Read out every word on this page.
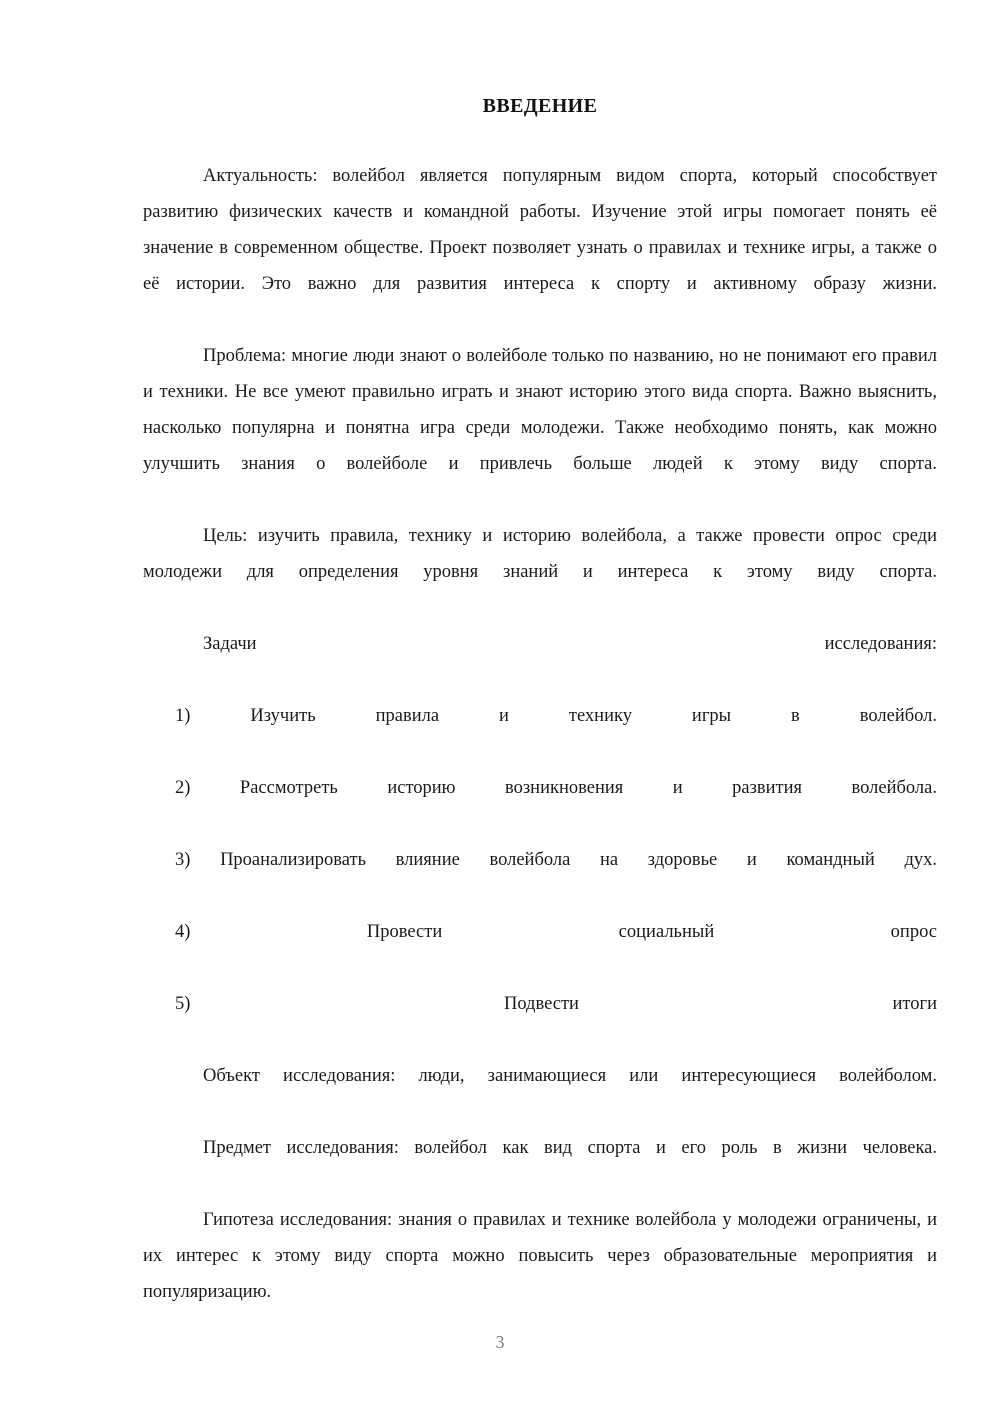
ВВЕДЕНИЕ

Актуальность: волейбол является популярным видом спорта, который способствует развитию физических качеств и командной работы. Изучение этой игры помогает понять её значение в современном обществе. Проект позволяет узнать о правилах и технике игры, а также о её истории. Это важно для развития интереса к спорту и активному образу жизни.

Проблема: многие люди знают о волейболе только по названию, но не понимают его правил и техники. Не все умеют правильно играть и знают историю этого вида спорта. Важно выяснить, насколько популярна и понятна игра среди молодежи. Также необходимо понять, как можно улучшить знания о волейболе и привлечь больше людей к этому виду спорта.

Цель: изучить правила, технику и историю волейбола, а также провести опрос среди молодежи для определения уровня знаний и интереса к этому виду спорта.

Задачи исследования:

1) Изучить правила и технику игры в волейбол.

2) Рассмотреть историю возникновения и развития волейбола.

3) Проанализировать влияние волейбола на здоровье и командный дух.

4) Провести социальный опрос

5) Подвести итоги

Объект исследования: люди, занимающиеся или интересующиеся волейболом.

Предмет исследования: волейбол как вид спорта и его роль в жизни человека.

Гипотеза исследования: знания о правилах и технике волейбола у молодежи ограничены, и их интерес к этому виду спорта можно повысить через образовательные мероприятия и популяризацию.

3
